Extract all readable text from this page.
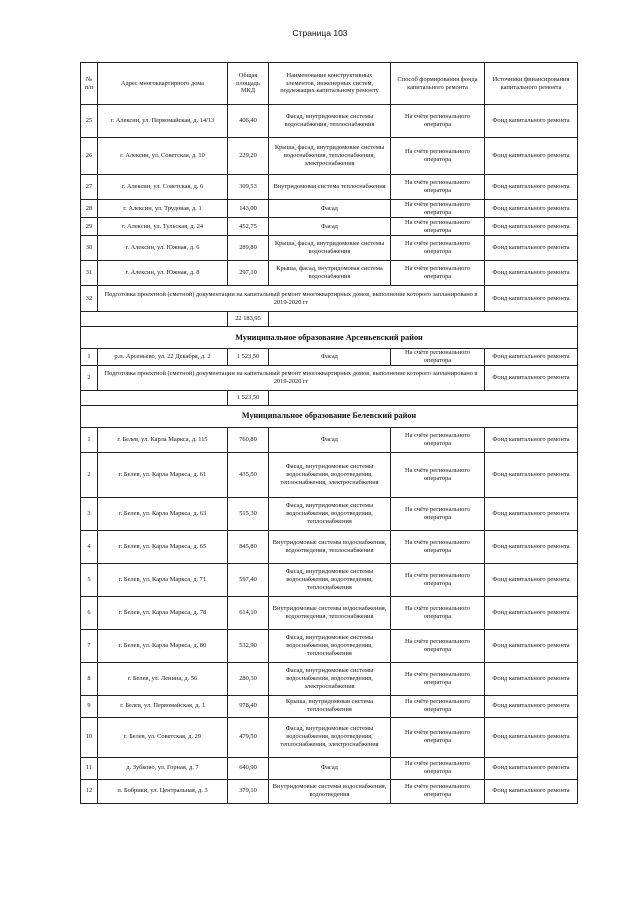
Страница 103
№ п/п	Адрес многоквартирного дома	Общая площадь МКД	Наименование конструктивных элементов, инженерных систем, подлежащих капитальному ремонту	Способ формирования фонда капитального ремонта	Источники финансирования капитального ремонта
25	г. Алексин, ул. Первомайская, д. 14/13	406,40	Фасад, внутридомовые системы водоснабжения, теплоснабжения	На счёте регионального оператора	Фонд капитального ремонта
26	г. Алексин, ул. Советская, д. 10	229,20	Крыша, фасад, внутридомовые системы водоснабжения, теплоснабжения, электроснабжения	На счёте регионального оператора	Фонд капитального ремонта
27	г. Алексин, ул. Советская, д. 6	309,53	Внутридомовая система теплоснабжения	На счёте регионального оператора	Фонд капитального ремонта
28	г. Алексин, ул. Трудовая, д. 1	143,00	Фасад	На счёте регионального оператора	Фонд капитального ремонта
29	г. Алексин, ул. Тульская, д. 24	452,75	Фасад	На счёте регионального оператора	Фонд капитального ремонта
30	г. Алексин, ул. Южная, д. 6	289,80	Крыша, фасад, внутридомовые системы водоснабжения	На счёте регионального оператора	Фонд капитального ремонта
31	г. Алексин, ул. Южная, д. 8	297,10	Крыша, фасад, внутридомовая система водоснабжения	На счёте регионального оператора	Фонд капитального ремонта
32	Подготовка проектной (сметной) документации на капитальный ремонт многоквартирных домов, выполнение которого запланировано в 2019-2020 гг				Фонд капитального ремонта
		22 183,95			
Муниципальное образование Арсеньевский район					
1	р.п. Арсеньево, ул. 22 Декабря, д. 2	1 523,50	Фасад	На счёте регионального оператора	Фонд капитального ремонта
2	Подготовка проектной (сметной) документации на капитальный ремонт многоквартирных домов, выполнение которого запланировано в 2019-2020 гг				Фонд капитального ремонта
		1 523,50			
Муниципальное образование Белевский район					
1	г. Белев, ул. Карла Маркса, д. 115	760,80	Фасад	На счёте регионального оператора	Фонд капитального ремонта
2	г. Белев, ул. Карла Маркса, д. 61	435,50	Фасад, внутридомовые системы водоснабжения, водоотведения, теплоснабжения, электроснабжения	На счёте регионального оператора	Фонд капитального ремонта
3	г. Белев, ул. Карла Маркса, д. 63	515,30	Фасад, внутридомовые системы водоснабжения, водоотведения, теплоснабжения	На счёте регионального оператора	Фонд капитального ремонта
4	г. Белев, ул. Карла Маркса, д. 65	845,80	Внутридомовые системы водоснабжения, водоотведения, теплоснабжения	На счёте регионального оператора	Фонд капитального ремонта
5	г. Белев, ул. Карла Маркса, д. 71	597,40	Фасад, внутридомовые системы водоснабжения, водоотведения, теплоснабжения	На счёте регионального оператора	Фонд капитального ремонта
6	г. Белев, ул. Карла Маркса, д. 78	614,10	Внутридомовые системы водоснабжения, водоотведения, теплоснабжения	На счёте регионального оператора	Фонд капитального ремонта
7	г. Белев, ул. Карла Маркса, д. 80	532,90	Фасад, внутридомовые системы водоснабжения, водоотведения, теплоснабжения	На счёте регионального оператора	Фонд капитального ремонта
8	г. Белев, ул. Ленина, д. 56	280,30	Фасад, внутридомовые системы водоснабжения, водоотведения, электроснабжения	На счёте регионального оператора	Фонд капитального ремонта
9	г. Белев, ул. Первомайская, д. 1	978,40	Крыша, внутридомовая система теплоснабжения	На счёте регионального оператора	Фонд капитального ремонта
10	г. Белев, ул. Советская, д. 29	479,50	Фасад, внутридомовые системы водоснабжения, водоотведения, теплоснабжения, электроснабжения	На счёте регионального оператора	Фонд капитального ремонта
11	д. Зубково, ул. Горная, д. 7	640,90	Фасад	На счёте регионального оператора	Фонд капитального ремонта
12	п. Бобрики, ул. Центральная, д. 3	379,10	Внутридомовые системы водоснабжения, водоотведения	На счёте регионального оператора	Фонд капитального ремонта
